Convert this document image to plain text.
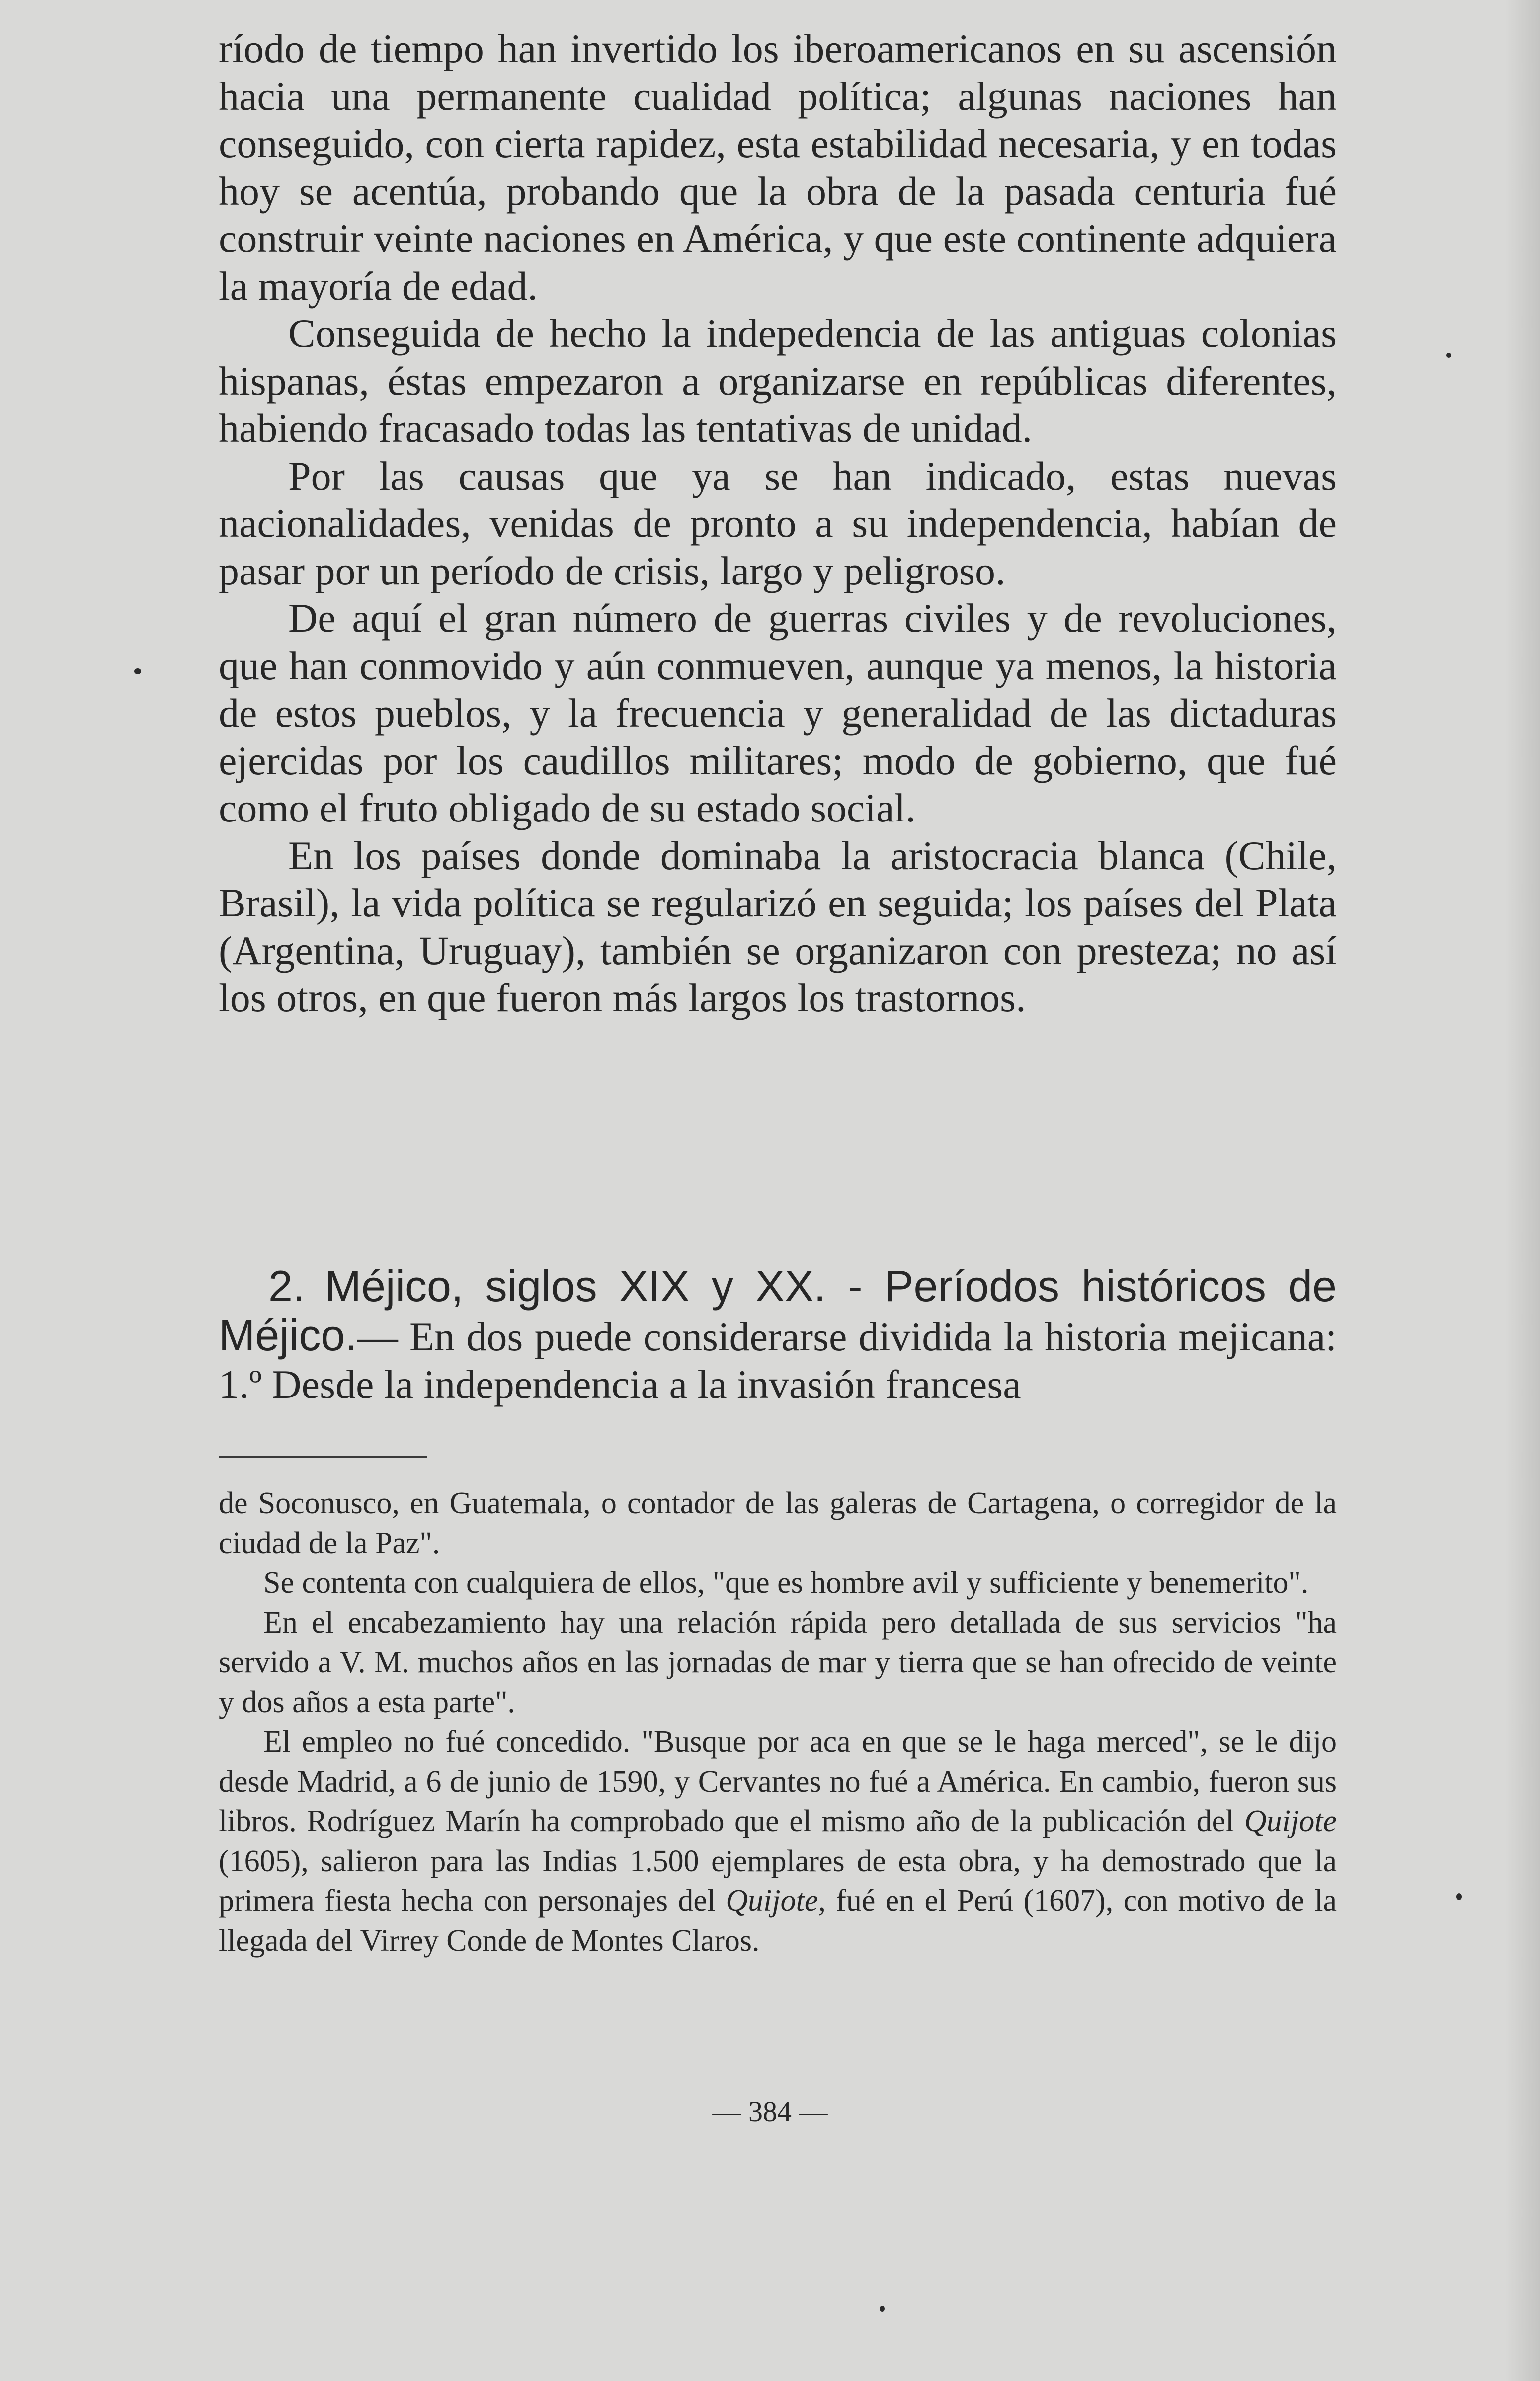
ríodo de tiempo han invertido los iberoamericanos en su ascensión hacia una permanente cualidad política; algunas naciones han conseguido, con cierta rapidez, esta estabilidad necesaria, y en todas hoy se acentúa, probando que la obra de la pasada centuria fué construir veinte naciones en América, y que este continente adquiera la mayoría de edad.

Conseguida de hecho la indepedencia de las antiguas colonias hispanas, éstas empezaron a organizarse en repúblicas diferentes, habiendo fracasado todas las tentativas de unidad.

Por las causas que ya se han indicado, estas nuevas nacionalidades, venidas de pronto a su independencia, habían de pasar por un período de crisis, largo y peligroso.

De aquí el gran número de guerras civiles y de revoluciones, que han conmovido y aún conmueven, aunque ya menos, la historia de estos pueblos, y la frecuencia y generalidad de las dictaduras ejercidas por los caudillos militares; modo de gobierno, que fué como el fruto obligado de su estado social.

En los países donde dominaba la aristocracia blanca (Chile, Brasil), la vida política se regularizó en seguida; los países del Plata (Argentina, Uruguay), también se organizaron con presteza; no así los otros, en que fueron más largos los trastornos.

2. Méjico, siglos XIX y XX. - Períodos históricos de Méjico.— En dos puede considerarse dividida la historia mejicana: 1.º Desde la independencia a la invasión francesa

de Soconusco, en Guatemala, o contador de las galeras de Cartagena, o corregidor de la ciudad de la Paz".

Se contenta con cualquiera de ellos, "que es hombre avil y sufficiente y benemerito".

En el encabezamiento hay una relación rápida pero detallada de sus servicios "ha servido a V. M. muchos años en las jornadas de mar y tierra que se han ofrecido de veinte y dos años a esta parte".

El empleo no fué concedido. "Busque por aca en que se le haga merced", se le dijo desde Madrid, a 6 de junio de 1590, y Cervantes no fué a América. En cambio, fueron sus libros. Rodríguez Marín ha comprobado que el mismo año de la publicación del Quijote (1605), salieron para las Indias 1.500 ejemplares de esta obra, y ha demostrado que la primera fiesta hecha con personajes del Quijote, fué en el Perú (1607), con motivo de la llegada del Virrey Conde de Montes Claros.

— 384 —
